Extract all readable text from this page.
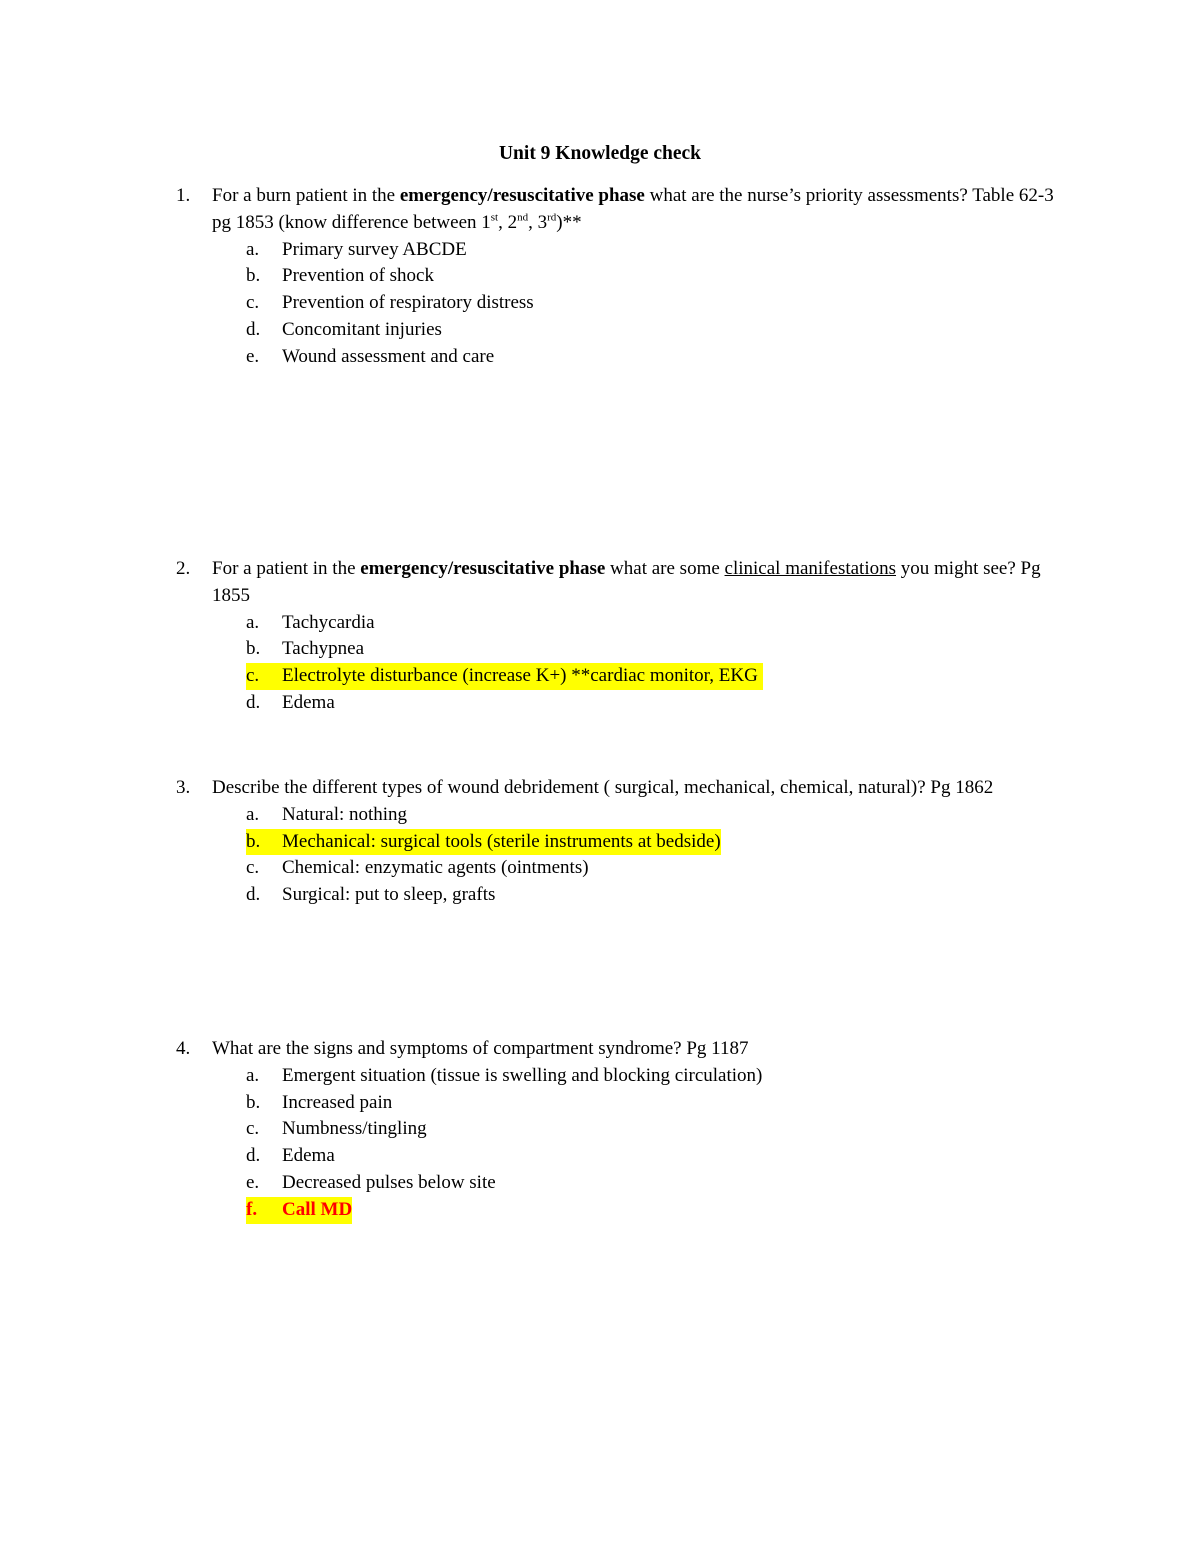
Unit 9 Knowledge check
1.	For a burn patient in the emergency/resuscitative phase what are the nurse’s priority assessments? Table 62-3 pg 1853 (know difference between 1st, 2nd, 3rd)**
a.	Primary survey ABCDE
b.	Prevention of shock
c.	Prevention of respiratory distress
d.	Concomitant injuries
e.	Wound assessment and care
2.	For a patient in the emergency/resuscitative phase what are some clinical manifestations you might see? Pg 1855
a.	Tachycardia
b.	Tachypnea
c.	Electrolyte disturbance (increase K+) **cardiac monitor, EKG
d.	Edema
3.	Describe the different types of wound debridement ( surgical, mechanical, chemical, natural)? Pg 1862
a.	Natural: nothing
b.	Mechanical: surgical tools (sterile instruments at bedside)
c.	Chemical: enzymatic agents (ointments)
d.	Surgical: put to sleep, grafts
4.	What are the signs and symptoms of compartment syndrome? Pg 1187
a.	Emergent situation (tissue is swelling and blocking circulation)
b.	Increased pain
c.	Numbness/tingling
d.	Edema
e.	Decreased pulses below site
f.	Call MD
